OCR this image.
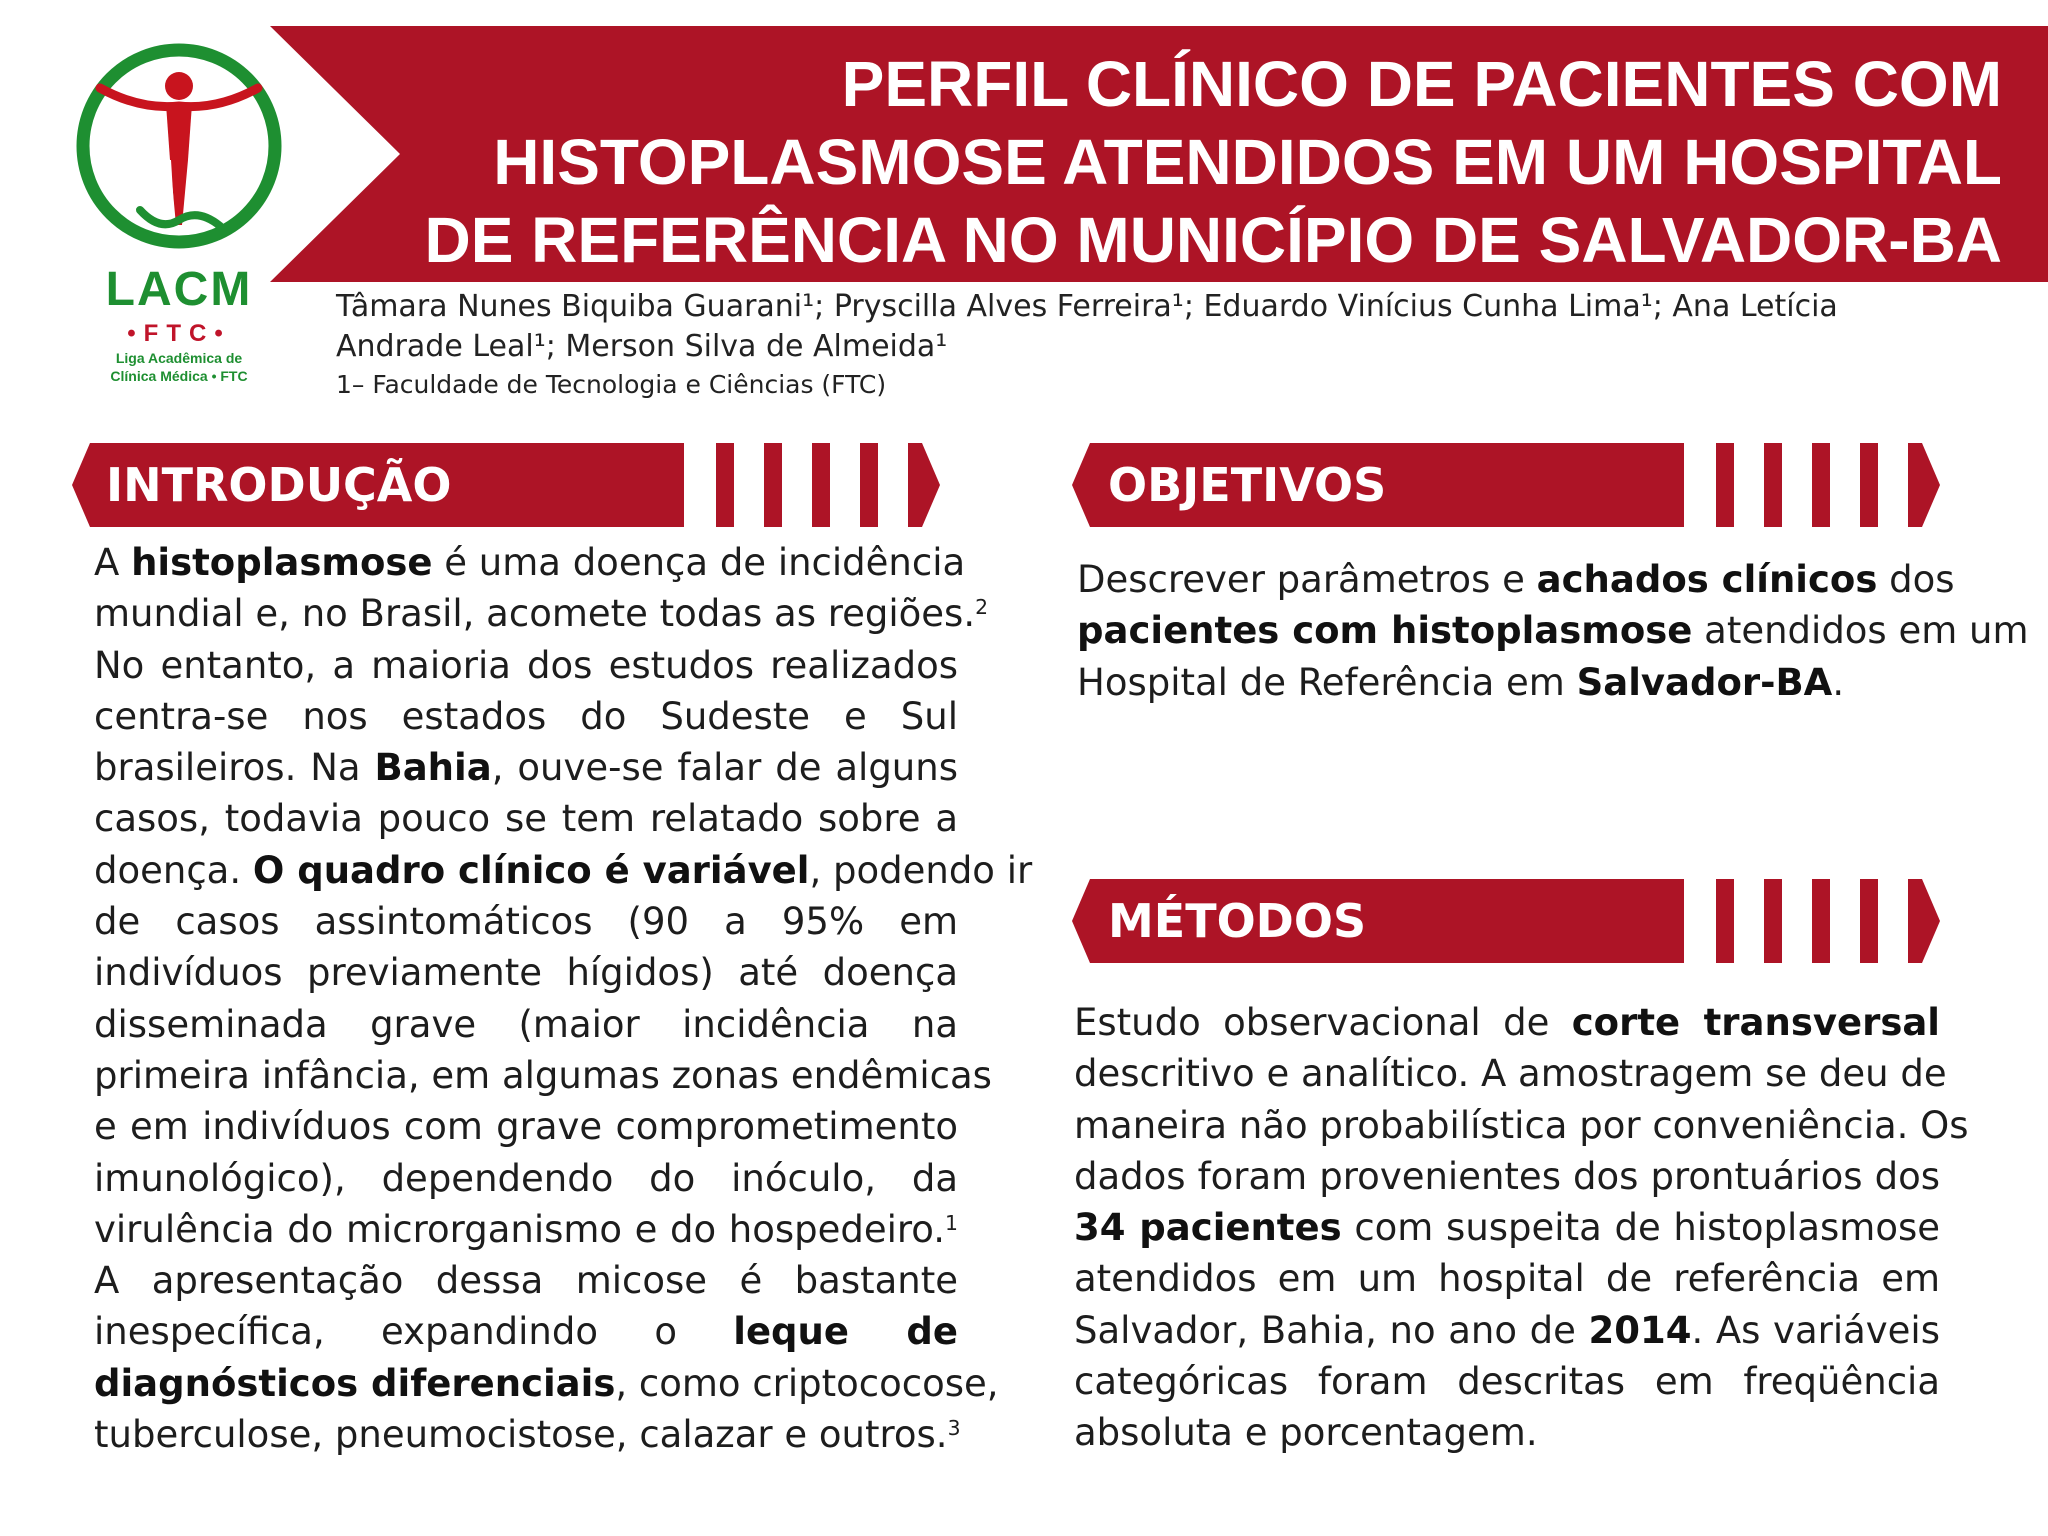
PERFIL CLÍNICO DE PACIENTES COM
HISTOPLASMOSE ATENDIDOS EM UM HOSPITAL
DE REFERÊNCIA NO MUNICÍPIO DE SALVADOR-BA
LACM
•FTC•
Liga Acadêmica de
Clínica Médica • FTC
Tâmara Nunes Biquiba Guarani¹; Pryscilla Alves Ferreira¹; Eduardo Vinícius Cunha Lima¹; Ana Letícia
Andrade Leal¹; Merson Silva de Almeida¹
1– Faculdade de Tecnologia e Ciências (FTC)
INTRODUÇÃO
A histoplasmose é uma doença de incidência
mundial e, no Brasil, acomete todas as regiões.$^2$
No entanto, a maioria dos estudos realizados
centra-se nos estados do Sudeste e Sul
brasileiros. Na Bahia, ouve-se falar de alguns
casos, todavia pouco se tem relatado sobre a
doença. O quadro clínico é variável, podendo ir
de casos assintomáticos (90 a 95% em
indivíduos previamente hígidos) até doença
disseminada grave (maior incidência na
primeira infância, em algumas zonas endêmicas
e em indivíduos com grave comprometimento
imunológico), dependendo do inóculo, da
virulência do microrganismo e do hospedeiro.$^1$
A apresentação dessa micose é bastante
inespecífica, expandindo o leque de
diagnósticos diferenciais, como criptococose,
tuberculose, pneumocistose, calazar e outros.$^3$
OBJETIVOS
Descrever parâmetros e achados clínicos dos
pacientes com histoplasmose atendidos em um
Hospital de Referência em Salvador-BA.
MÉTODOS
Estudo observacional de corte transversal
descritivo e analítico. A amostragem se deu de
maneira não probabilística por conveniência. Os
dados foram provenientes dos prontuários dos
34 pacientes com suspeita de histoplasmose
atendidos em um hospital de referência em
Salvador, Bahia, no ano de 2014. As variáveis
categóricas foram descritas em freqüência
absoluta e porcentagem.
